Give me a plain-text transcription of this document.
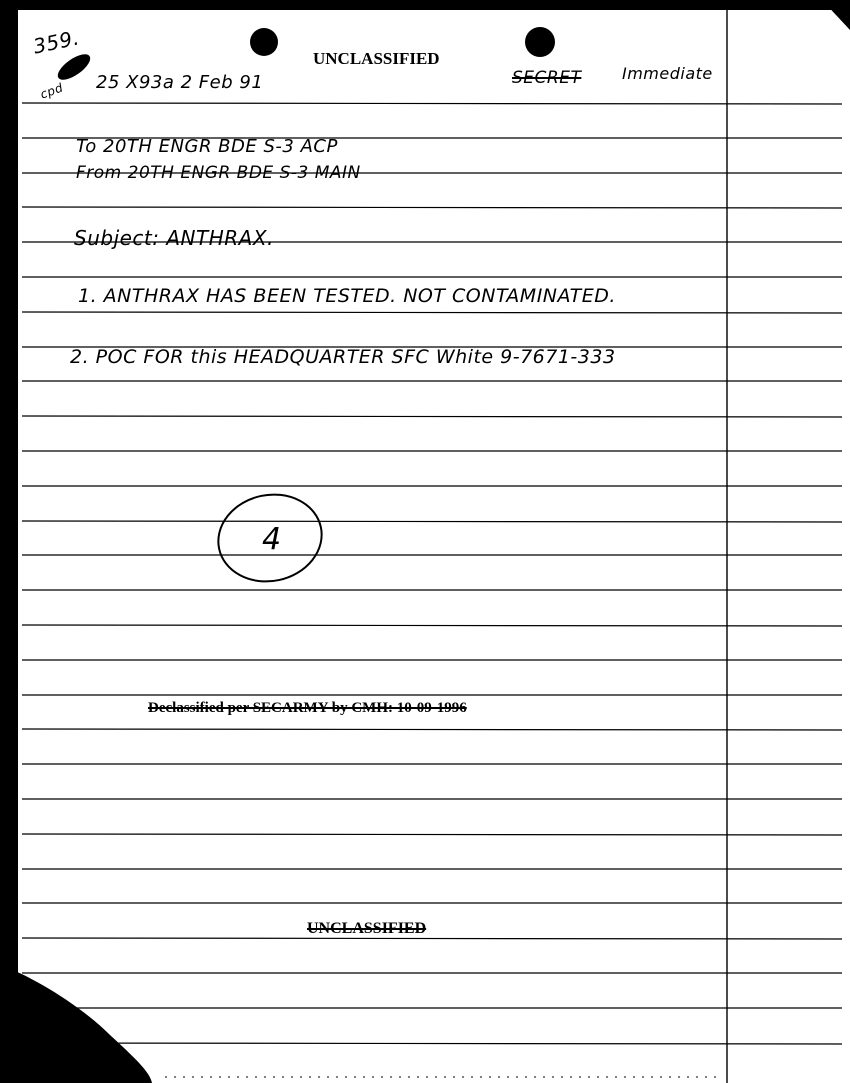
359.
cpd
UNCLASSIFIED
25 X93a 2 Feb 91	SECRET	Immediate
To 20TH ENGR BDE S-3 ACP
From 20TH ENGR BDE S-3 MAIN
Subject: ANTHRAX.
1. ANTHRAX HAS BEEN TESTED. NOT CONTAMINATED.
2. POC FOR this HEADQUARTER SFC White 9-7671-333
4
Declassified per SECARMY by CMH: 10-09-1996
UNCLASSIFIED
